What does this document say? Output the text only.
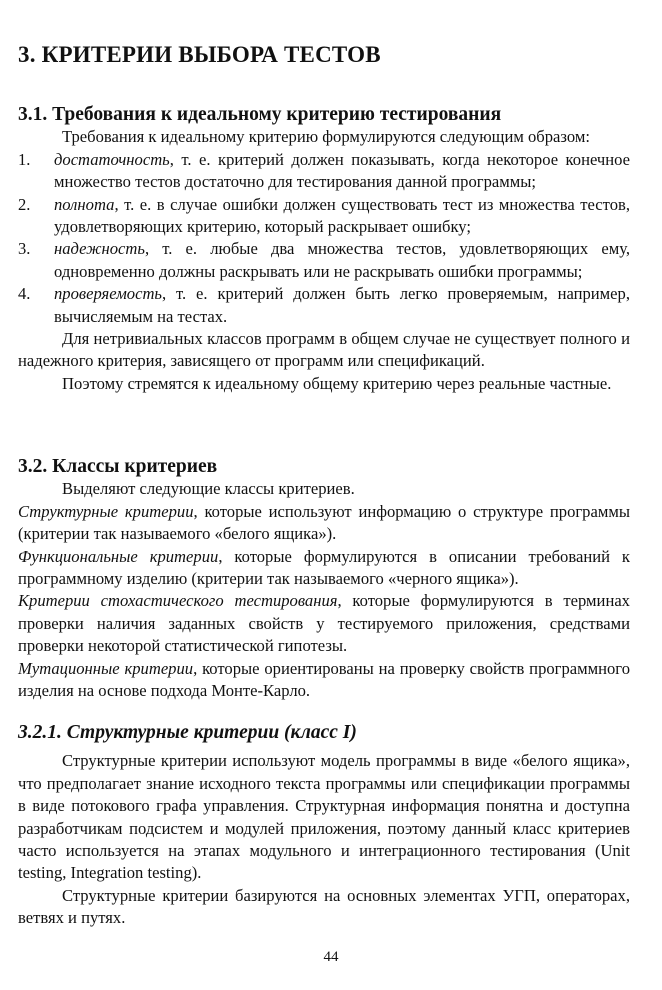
3. КРИТЕРИИ ВЫБОРА ТЕСТОВ
3.1. Требования к идеальному критерию тестирования

Требования к идеальному критерию формулируются следующим образом:

1.	достаточность, т. е. критерий должен показывать, когда некоторое конечное множество тестов достаточно для тестирования данной программы;
2.	полнота, т. е. в случае ошибки должен существовать тест из множества тестов, удовлетворяющих критерию, который раскрывает ошибку;
3.	надежность, т. е. любые два множества тестов, удовлетворяющих ему, одновременно должны раскрывать или не раскрывать ошибки программы;
4.	проверяемость, т. е. критерий должен быть легко проверяемым, например, вычисляемым на тестах.

Для нетривиальных классов программ в общем случае не существует полного и надежного критерия, зависящего от программ или спецификаций.

Поэтому стремятся к идеальному общему критерию через реальные частные.

3.2. Классы критериев

Выделяют следующие классы критериев.

Структурные критерии, которые используют информацию о структуре программы (критерии так называемого «белого ящика»).

Функциональные критерии, которые формулируются в описании требований к программному изделию (критерии так называемого «черного ящика»).

Критерии стохастического тестирования, которые формулируются в терминах проверки наличия заданных свойств у тестируемого приложения, средствами проверки некоторой статистической гипотезы.

Мутационные критерии, которые ориентированы на проверку свойств программного изделия на основе подхода Монте-Карло.

3.2.1. Структурные критерии (класс I)

Структурные критерии используют модель программы в виде «белого ящика», что предполагает знание исходного текста программы или спецификации программы в виде потокового графа управления. Структурная информация понятна и доступна разработчикам подсистем и модулей приложения, поэтому данный класс критериев часто используется на этапах модульного и интеграционного тестирования (Unit testing, Integration testing).

Структурные критерии базируются на основных элементах УГП, операторах, ветвях и путях.

44
